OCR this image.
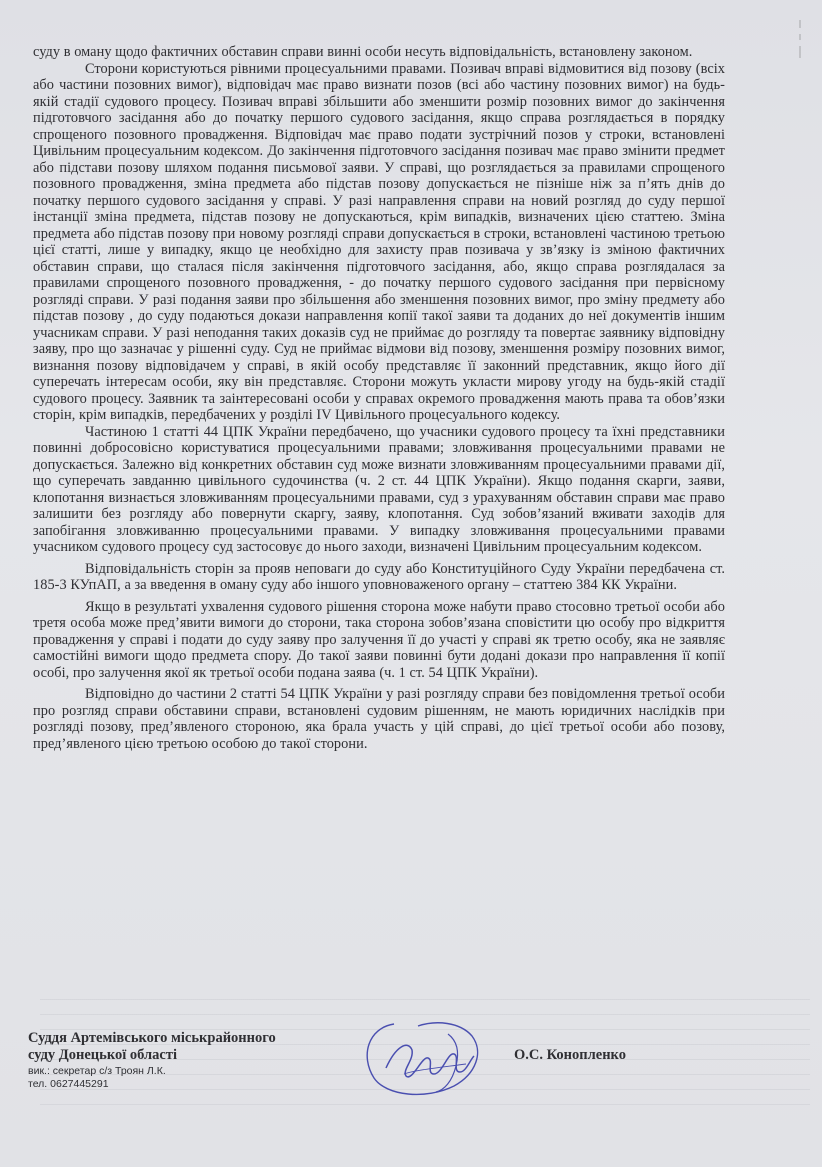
суду в оману щодо фактичних обставин справи винні особи несуть відповідальність, встановлену законом.

Сторони користуються рівними процесуальними правами. Позивач вправі відмовитися від позову (всіх або частини позовних вимог), відповідач має право визнати позов (всі або частину позовних вимог) на будь-якій стадії судового процесу. Позивач вправі збільшити або зменшити розмір позовних вимог до закінчення підготовчого засідання або до початку першого судового засідання, якщо справа розглядається в порядку спрощеного позовного провадження. Відповідач має право подати зустрічний позов у строки, встановлені Цивільним процесуальним кодексом. До закінчення підготовчого засідання позивач має право змінити предмет або підстави позову шляхом подання письмової заяви. У справі, що розглядається за правилами спрощеного позовного провадження, зміна предмета або підстав позову допускається не пізніше ніж за п’ять днів до початку першого судового засідання у справі. У разі направлення справи на новий розгляд до суду першої інстанції зміна предмета, підстав позову не допускаються, крім випадків, визначених цією статтею. Зміна предмета або підстав позову при новому розгляді справи допускається в строки, встановлені частиною третьою цієї статті, лише у випадку, якщо це необхідно для захисту прав позивача у зв’язку із зміною фактичних обставин справи, що сталася після закінчення підготовчого засідання, або, якщо справа розглядалася за правилами спрощеного позовного провадження, - до початку першого судового засідання при первісному розгляді справи. У разі подання заяви про збільшення або зменшення позовних вимог, про зміну предмету або підстав позову , до суду подаються докази направлення копії такої заяви та доданих до неї документів іншим учасникам справи. У разі неподання таких доказів суд не приймає до розгляду та повертає заявнику відповідну заяву, про що зазначає у рішенні суду. Суд не приймає відмови від позову, зменшення розміру позовних вимог, визнання позову відповідачем у справі, в якій особу представляє її законний представник, якщо його дії суперечать інтересам особи, яку він представляє. Сторони можуть укласти мирову угоду на будь-якій стадії судового процесу. Заявник та заінтересовані особи у справах окремого провадження мають права та обов’язки сторін, крім випадків, передбачених у розділі IV Цивільного процесуального кодексу.

Частиною 1 статті 44 ЦПК України передбачено, що учасники судового процесу та їхні представники повинні добросовісно користуватися процесуальними правами; зловживання процесуальними правами не допускається. Залежно від конкретних обставин суд може визнати зловживанням процесуальними правами дії, що суперечать завданню цивільного судочинства (ч. 2 ст. 44 ЦПК України). Якщо подання скарги, заяви, клопотання визнається зловживанням процесуальними правами, суд з урахуванням обставин справи має право залишити без розгляду або повернути скаргу, заяву, клопотання. Суд зобов’язаний вживати заходів для запобігання зловживанню процесуальними правами. У випадку зловживання процесуальними правами учасником судового процесу суд застосовує до нього заходи, визначені Цивільним процесуальним кодексом.

Відповідальність сторін за прояв неповаги до суду або Конституційного Суду України передбачена ст. 185-3 КУпАП, а за введення в оману суду або іншого уповноваженого органу – статтею 384 КК України.

Якщо в результаті ухвалення судового рішення сторона може набути право стосовно третьої особи або третя особа може пред’явити вимоги до сторони, така сторона зобов’язана сповістити цю особу про відкриття провадження у справі і подати до суду заяву про залучення її до участі у справі як третю особу, яка не заявляє самостійні вимоги щодо предмета спору. До такої заяви повинні бути додані докази про направлення її копії особі, про залучення якої як третьої особи подана заява (ч. 1 ст. 54 ЦПК України).

Відповідно до частини 2 статті 54 ЦПК України у разі розгляду справи без повідомлення третьої особи про розгляд справи обставини справи, встановлені судовим рішенням, не мають юридичних наслідків при розгляді позову, пред’явленого стороною, яка брала участь у цій справі, до цієї третьої особи або позову, пред’явленого цією третьою особою до такої сторони.

Суддя Артемівського міськрайонного
суду Донецької області
вик.: секретар с/з Троян Л.К.
тел. 0627445291
О.С. Конопленко
